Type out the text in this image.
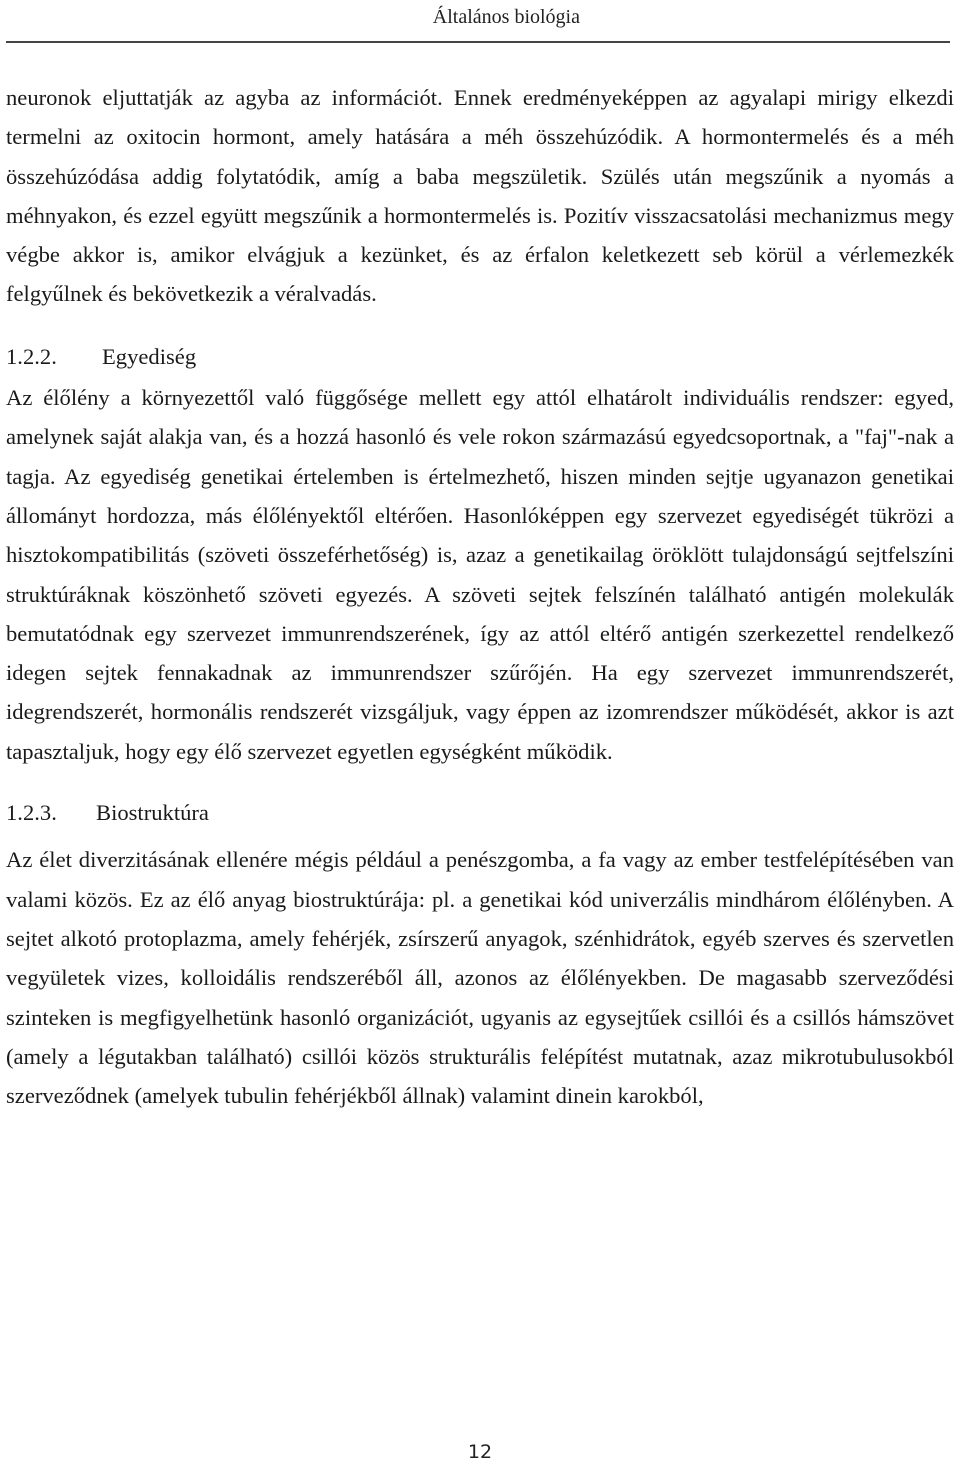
Általános biológia

neuronok eljuttatják az agyba az információt. Ennek eredményeképpen az agyalapi mirigy elkezdi termelni az oxitocin hormont, amely hatására a méh összehúzódik. A hormontermelés és a méh összehúzódása addig folytatódik, amíg a baba megszületik. Szülés után megszűnik a nyomás a méhnyakon, és ezzel együtt megszűnik a hormontermelés is. Pozitív visszacsatolási mechanizmus megy végbe akkor is, amikor elvágjuk a kezünket, és az érfalon keletkezett seb körül a vérlemezkék felgyűlnek és bekövetkezik a véralvadás.

1.2.2. Egyediség

Az élőlény a környezettől való függősége mellett egy attól elhatárolt individuális rendszer: egyed, amelynek saját alakja van, és a hozzá hasonló és vele rokon származású egyedcsoportnak, a "faj"-nak a tagja. Az egyediség genetikai értelemben is értelmezhető, hiszen minden sejtje ugyanazon genetikai állományt hordozza, más élőlényektől eltérően. Hasonlóképpen egy szervezet egyediségét tükrözi a hisztokompatibilitás (szöveti összeférhetőség) is, azaz a genetikailag öröklött tulajdonságú sejtfelszíni struktúráknak köszönhető szöveti egyezés. A szöveti sejtek felszínén található antigén molekulák bemutatódnak egy szervezet immunrendszerének, így az attól eltérő antigén szerkezettel rendelkező idegen sejtek fennakadnak az immunrendszer szűrőjén. Ha egy szervezet immunrendszerét, idegrendszerét, hormonális rendszerét vizsgáljuk, vagy éppen az izomrendszer működését, akkor is azt tapasztaljuk, hogy egy élő szervezet egyetlen egységként működik.

1.2.3. Biostruktúra

Az élet diverzitásának ellenére mégis például a penészgomba, a fa vagy az ember testfelépítésében van valami közös. Ez az élő anyag biostruktúrája: pl. a genetikai kód univerzális mindhárom élőlényben. A sejtet alkotó protoplazma, amely fehérjék, zsírszerű anyagok, szénhidrátok, egyéb szerves és szervetlen vegyületek vizes, kolloidális rendszeréből áll, azonos az élőlényekben. De magasabb szerveződési szinteken is megfigyelhetünk hasonló organizációt, ugyanis az egysejtűek csillói és a csillós hámszövet (amely a légutakban található) csillói közös strukturális felépítést mutatnak, azaz mikrotubulusokból szerveződnek (amelyek tubulin fehérjékből állnak) valamint dinein karokból,

12
